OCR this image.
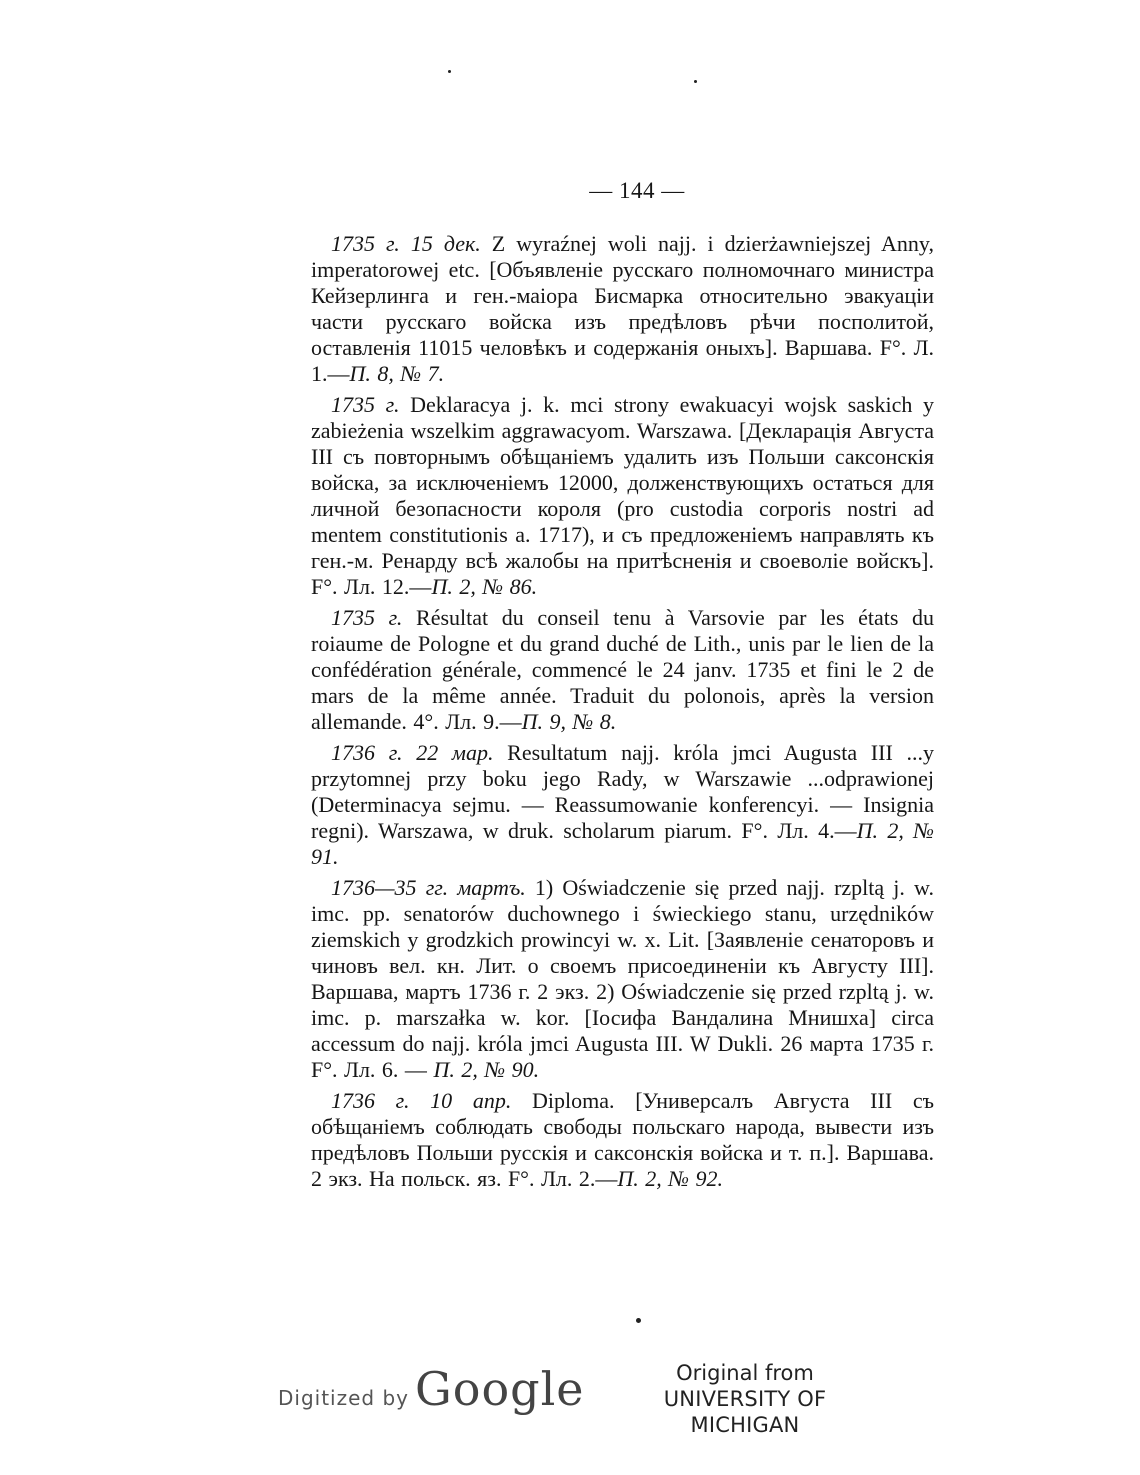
— 144 —

1735 г. 15 дек. Z wyraźnej woli najj. i dzierżawniejszej Anny, imperatorowej etc. [Объявленіе русскаго полномочнаго министра Кейзерлинга и ген.-маіора Бисмарка относительно эвакуаціи части русскаго войска изъ предѣловъ рѣчи посполитой, оставленія 11015 человѣкъ и содержанія оныхъ]. Варшава. F°. Л. 1.—П. 8, № 7.

1735 г. Deklaracya j. k. mci strony ewakuacyi wojsk saskich y zabieżenia wszelkim aggrawacyom. Warszawa. [Декларація Августа III съ повторнымъ обѣщаніемъ удалить изъ Польши саксонскія войска, за исключеніемъ 12000, долженствующихъ остаться для личной безопасности короля (pro custodia corporis nostri ad mentem constitutionis a. 1717), и съ предложеніемъ направлять къ ген.-м. Ренарду всѣ жалобы на притѣсненія и своеволіе войскъ]. F°. Лл. 12.—П. 2, № 86.

1735 г. Résultat du conseil tenu à Varsovie par les états du roiaume de Pologne et du grand duché de Lith., unis par le lien de la confédération générale, commencé le 24 janv. 1735 et fini le 2 de mars de la même année. Traduit du polonois, après la version allemande. 4°. Лл. 9.—П. 9, № 8.

1736 г. 22 мар. Resultatum najj. króla jmci Augusta III ...y przytomnej przy boku jego Rady, w Warszawie ...odprawionej (Determinacya sejmu. — Reassumowanie konferencyi. — Insignia regni). Warszawa, w druk. scholarum piarum. F°. Лл. 4.—П. 2, № 91.

1736—35 гг. мартъ. 1) Oświadczenie się przed najj. rzpltą j. w. imc. pp. senatorów duchownego i świeckiego stanu, urzędników ziemskich y grodzkich prowincyi w. x. Lit. [Заявленіе сенаторовъ и чиновъ вел. кн. Лит. о своемъ присоединеніи къ Августу III]. Варшава, мартъ 1736 г. 2 экз. 2) Oświadczenie się przed rzpltą j. w. imc. p. marszałka w. kor. [Іосифа Вандалина Мнишха] circa accessum do najj. króla jmci Augusta III. W Dukli. 26 марта 1735 г. F°. Лл. 6. — П. 2, № 90.

1736 г. 10 апр. Diploma. [Универсалъ Августа III съ обѣщаніемъ соблюдать свободы польскаго народа, вывести изъ предѣловъ Польши русскія и саксонскія войска и т. п.]. Варшава. 2 экз. На польск. яз. F°. Лл. 2.—П. 2, № 92.

Digitized by Google	Original from
UNIVERSITY OF MICHIGAN
